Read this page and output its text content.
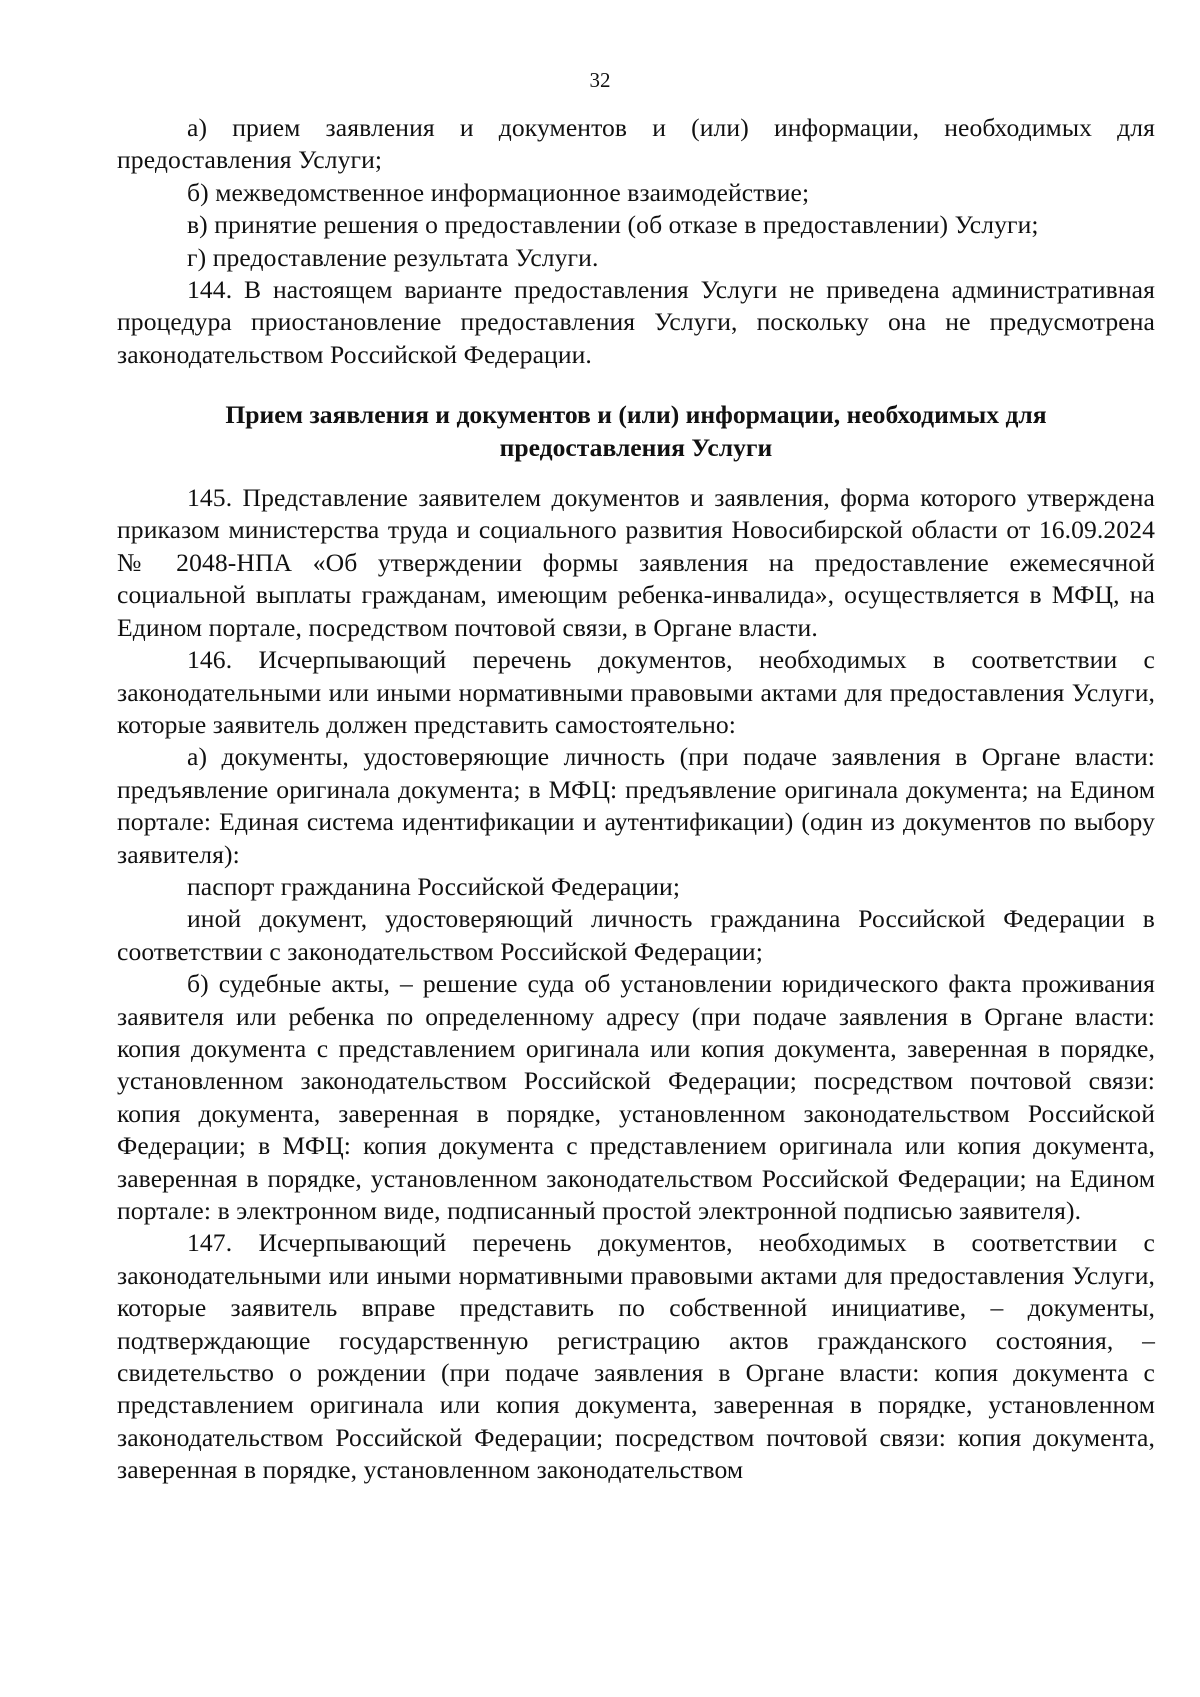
32

а) прием заявления и документов и (или) информации, необходимых для предоставления Услуги;

б) межведомственное информационное взаимодействие;

в) принятие решения о предоставлении (об отказе в предоставлении) Услуги;

г) предоставление результата Услуги.

144. В настоящем варианте предоставления Услуги не приведена административная процедура приостановление предоставления Услуги, поскольку она не предусмотрена законодательством Российской Федерации.

Прием заявления и документов и (или) информации, необходимых для
предоставления Услуги

145. Представление заявителем документов и заявления, форма которого утверждена приказом министерства труда и социального развития Новосибирской области от 16.09.2024 № 2048-НПА «Об утверждении формы заявления на предоставление ежемесячной социальной выплаты гражданам, имеющим ребенка-инвалида», осуществляется в МФЦ, на Едином портале, посредством почтовой связи, в Органе власти.

146. Исчерпывающий перечень документов, необходимых в соответствии с законодательными или иными нормативными правовыми актами для предоставления Услуги, которые заявитель должен представить самостоятельно:

а) документы, удостоверяющие личность (при подаче заявления в Органе власти: предъявление оригинала документа; в МФЦ: предъявление оригинала документа; на Едином портале: Единая система идентификации и аутентификации) (один из документов по выбору заявителя):

паспорт гражданина Российской Федерации;

иной документ, удостоверяющий личность гражданина Российской Федерации в соответствии с законодательством Российской Федерации;

б) судебные акты, – решение суда об установлении юридического факта проживания заявителя или ребенка по определенному адресу (при подаче заявления в Органе власти: копия документа с представлением оригинала или копия документа, заверенная в порядке, установленном законодательством Российской Федерации; посредством почтовой связи: копия документа, заверенная в порядке, установленном законодательством Российской Федерации; в МФЦ: копия документа с представлением оригинала или копия документа, заверенная в порядке, установленном законодательством Российской Федерации; на Едином портале: в электронном виде, подписанный простой электронной подписью заявителя).

147. Исчерпывающий перечень документов, необходимых в соответствии с законодательными или иными нормативными правовыми актами для предоставления Услуги, которые заявитель вправе представить по собственной инициативе, – документы, подтверждающие государственную регистрацию актов гражданского состояния, – свидетельство о рождении (при подаче заявления в Органе власти: копия документа с представлением оригинала или копия документа, заверенная в порядке, установленном законодательством Российской Федерации; посредством почтовой связи: копия документа, заверенная в порядке, установленном законодательством
